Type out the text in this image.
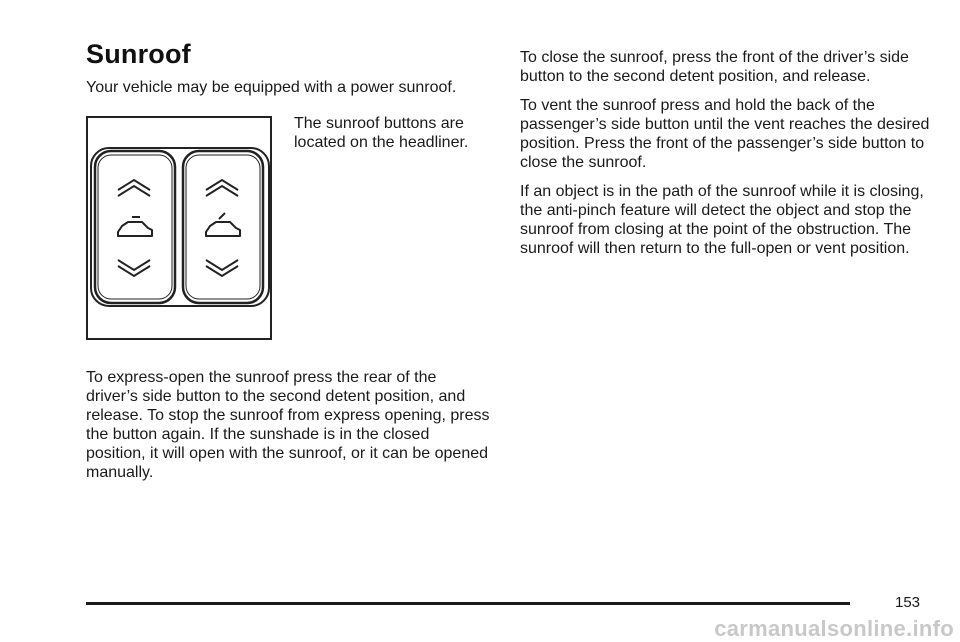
Sunroof

Your vehicle may be equipped with a power sunroof.

The sunroof buttons are located on the headliner.

To express-open the sunroof press the rear of the driver’s side button to the second detent position, and release. To stop the sunroof from express opening, press the button again. If the sunshade is in the closed position, it will open with the sunroof, or it can be opened manually.

To close the sunroof, press the front of the driver’s side button to the second detent position, and release.

To vent the sunroof press and hold the back of the passenger’s side button until the vent reaches the desired position. Press the front of the passenger’s side button to close the sunroof.

If an object is in the path of the sunroof while it is closing, the anti-pinch feature will detect the object and stop the sunroof from closing at the point of the obstruction. The sunroof will then return to the full-open or vent position.

153
carmanualsonline.info
